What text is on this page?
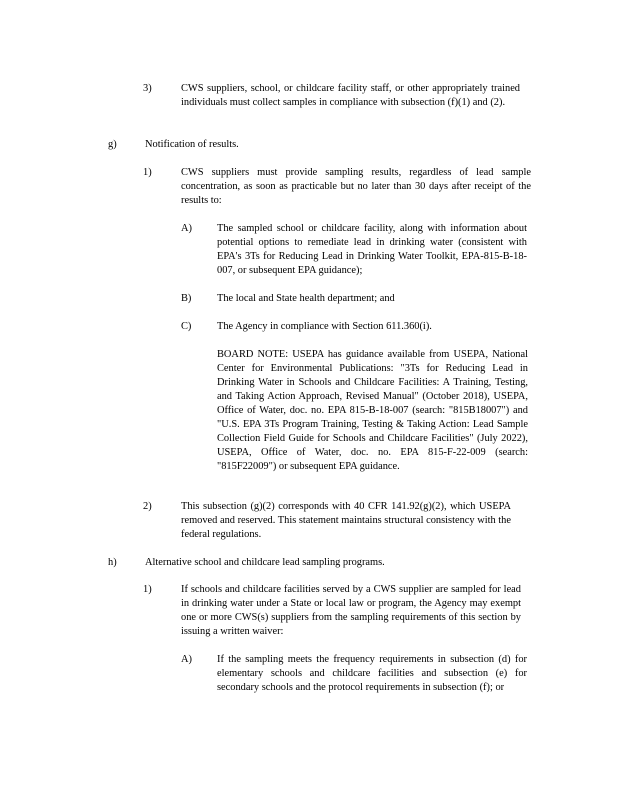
3)	CWS suppliers, school, or childcare facility staff, or other appropriately trained individuals must collect samples in compliance with subsection (f)(1) and (2).
g)	Notification of results.
1)	CWS suppliers must provide sampling results, regardless of lead sample concentration, as soon as practicable but no later than 30 days after receipt of the results to:
A) The sampled school or childcare facility, along with information about potential options to remediate lead in drinking water (consistent with EPA's 3Ts for Reducing Lead in Drinking Water Toolkit, EPA-815-B-18-007, or subsequent EPA guidance);
B) The local and State health department; and
C) The Agency in compliance with Section 611.360(i).
BOARD NOTE: USEPA has guidance available from USEPA, National Center for Environmental Publications: "3Ts for Reducing Lead in Drinking Water in Schools and Childcare Facilities: A Training, Testing, and Taking Action Approach, Revised Manual" (October 2018), USEPA, Office of Water, doc. no. EPA 815-B-18-007 (search: "815B18007") and "U.S. EPA 3Ts Program Training, Testing & Taking Action: Lead Sample Collection Field Guide for Schools and Childcare Facilities" (July 2022), USEPA, Office of Water, doc. no. EPA 815-F-22-009 (search: "815F22009") or subsequent EPA guidance.
2)	This subsection (g)(2) corresponds with 40 CFR 141.92(g)(2), which USEPA removed and reserved. This statement maintains structural consistency with the federal regulations.
h)	Alternative school and childcare lead sampling programs.
1)	If schools and childcare facilities served by a CWS supplier are sampled for lead in drinking water under a State or local law or program, the Agency may exempt one or more CWS(s) suppliers from the sampling requirements of this section by issuing a written waiver:
A) If the sampling meets the frequency requirements in subsection (d) for elementary schools and childcare facilities and subsection (e) for secondary schools and the protocol requirements in subsection (f); or
